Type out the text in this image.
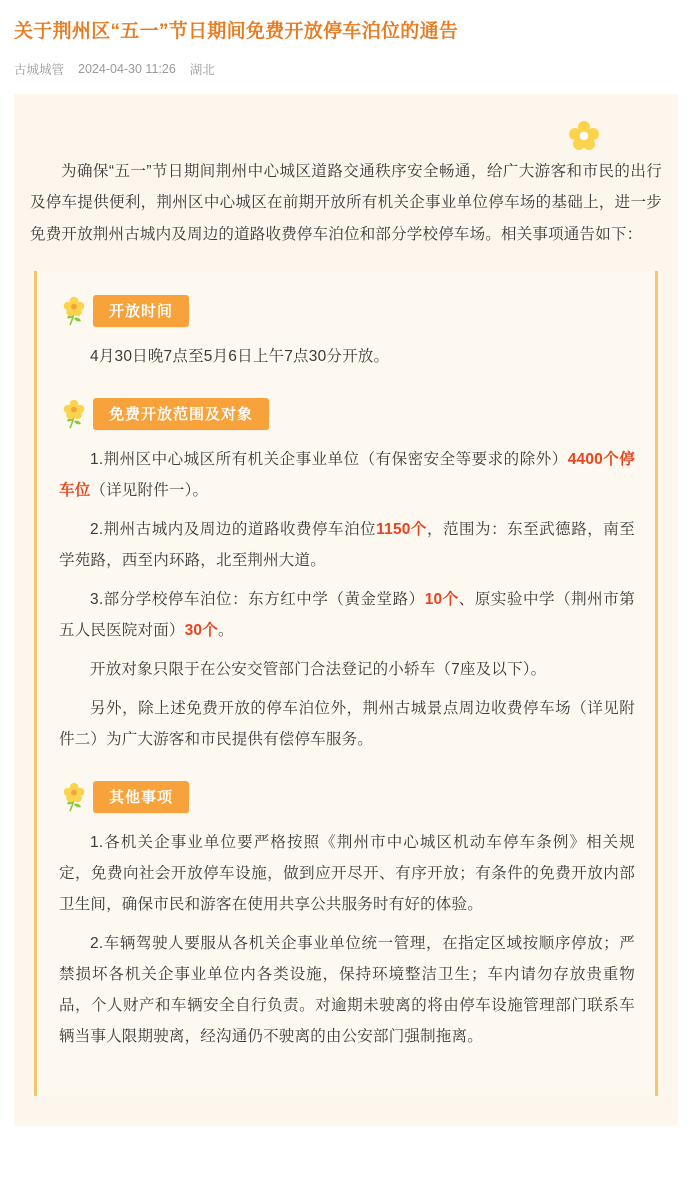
关于荆州区“五一”节日期间免费开放停车泊位的通告
古城城管 2024-04-30 11:26 湖北

为确保“五一”节日期间荆州中心城区道路交通秩序安全畅通，给广大游客和市民的出行及停车提供便利，荆州区中心城区在前期开放所有机关企事业单位停车场的基础上，进一步免费开放荆州古城内及周边的道路收费停车泊位和部分学校停车场。相关事项通告如下：

开放时间

4月30日晚7点至5月6日上午7点30分开放。

免费开放范围及对象

1.荆州区中心城区所有机关企事业单位（有保密安全等要求的除外）4400个停车位（详见附件一）。

2.荆州古城内及周边的道路收费停车泊位1150个，范围为：东至武德路，南至学苑路，西至内环路，北至荆州大道。

3.部分学校停车泊位：东方红中学（黄金堂路）10个、原实验中学（荆州市第五人民医院对面）30个。

开放对象只限于在公安交管部门合法登记的小轿车（7座及以下）。

另外，除上述免费开放的停车泊位外，荆州古城景点周边收费停车场（详见附件二）为广大游客和市民提供有偿停车服务。

其他事项

1.各机关企事业单位要严格按照《荆州市中心城区机动车停车条例》相关规定，免费向社会开放停车设施，做到应开尽开、有序开放；有条件的免费开放内部卫生间，确保市民和游客在使用共享公共服务时有好的体验。

2.车辆驾驶人要服从各机关企事业单位统一管理，在指定区域按顺序停放；严禁损坏各机关企事业单位内各类设施，保持环境整洁卫生；车内请勿存放贵重物品，个人财产和车辆安全自行负责。对逾期未驶离的将由停车设施管理部门联系车辆当事人限期驶离，经沟通仍不驶离的由公安部门强制拖离。
